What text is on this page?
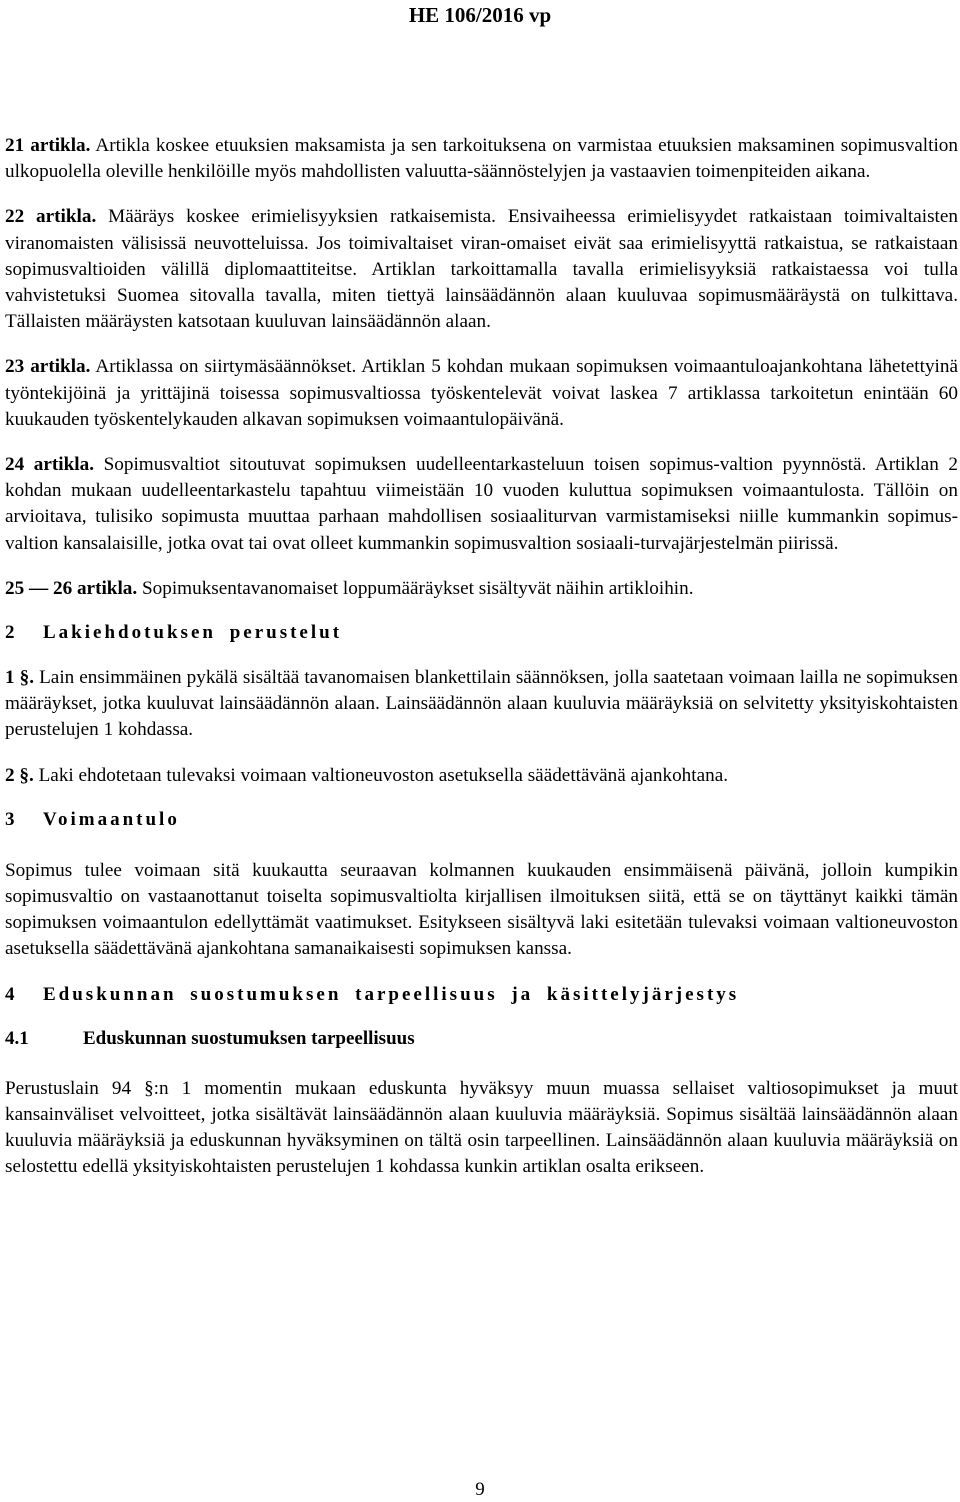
HE 106/2016 vp

21 artikla. Artikla koskee etuuksien maksamista ja sen tarkoituksena on varmistaa etuuksien maksaminen sopimusvaltion ulkopuolella oleville henkilöille myös mahdollisten valuutta-säännöstelyjen ja vastaavien toimenpiteiden aikana.

22 artikla. Määräys koskee erimielisyyksien ratkaisemista. Ensivaiheessa erimielisyydet ratkaistaan toimivaltaisten viranomaisten välisissä neuvotteluissa. Jos toimivaltaiset viran-omaiset eivät saa erimielisyyttä ratkaistua, se ratkaistaan sopimusvaltioiden välillä diplomaattiteitse. Artiklan tarkoittamalla tavalla erimielisyyksiä ratkaistaessa voi tulla vahvistetuksi Suomea sitovalla tavalla, miten tiettyä lainsäädännön alaan kuuluvaa sopimusmääräystä on tulkittava. Tällaisten määräysten katsotaan kuuluvan lainsäädännön alaan.

23 artikla. Artiklassa on siirtymäsäännökset. Artiklan 5 kohdan mukaan sopimuksen voimaantuloajankohtana lähetettyinä työntekijöinä ja yrittäjinä toisessa sopimusvaltiossa työskentelevät voivat laskea 7 artiklassa tarkoitetun enintään 60 kuukauden työskentelykauden alkavan sopimuksen voimaantulopäivänä.

24 artikla. Sopimusvaltiot sitoutuvat sopimuksen uudelleentarkasteluun toisen sopimus-valtion pyynnöstä. Artiklan 2 kohdan mukaan uudelleentarkastelu tapahtuu viimeistään 10 vuoden kuluttua sopimuksen voimaantulosta. Tällöin on arvioitava, tulisiko sopimusta muuttaa parhaan mahdollisen sosiaaliturvan varmistamiseksi niille kummankin sopimus-valtion kansalaisille, jotka ovat tai ovat olleet kummankin sopimusvaltion sosiaali-turvajärjestelmän piirissä.

25 — 26 artikla. Sopimuksentavanomaiset loppumääräykset sisältyvät näihin artikloihin.

2 Lakiehdotuksen perustelut

1 §. Lain ensimmäinen pykälä sisältää tavanomaisen blankettilain säännöksen, jolla saatetaan voimaan lailla ne sopimuksen määräykset, jotka kuuluvat lainsäädännön alaan. Lainsäädännön alaan kuuluvia määräyksiä on selvitetty yksityiskohtaisten perustelujen 1 kohdassa.

2 §. Laki ehdotetaan tulevaksi voimaan valtioneuvoston asetuksella säädettävänä ajankohtana.

3 Voimaantulo

Sopimus tulee voimaan sitä kuukautta seuraavan kolmannen kuukauden ensimmäisenä päivänä, jolloin kumpikin sopimusvaltio on vastaanottanut toiselta sopimusvaltiolta kirjallisen ilmoituksen siitä, että se on täyttänyt kaikki tämän sopimuksen voimaantulon edellyttämät vaatimukset. Esitykseen sisältyvä laki esitetään tulevaksi voimaan valtioneuvoston asetuksella säädettävänä ajankohtana samanaikaisesti sopimuksen kanssa.

4 Eduskunnan suostumuksen tarpeellisuus ja käsittelyjärjestys
4.1	Eduskunnan suostumuksen tarpeellisuus

Perustuslain 94 §:n 1 momentin mukaan eduskunta hyväksyy muun muassa sellaiset valtiosopimukset ja muut kansainväliset velvoitteet, jotka sisältävät lainsäädännön alaan kuuluvia määräyksiä. Sopimus sisältää lainsäädännön alaan kuuluvia määräyksiä ja eduskunnan hyväksyminen on tältä osin tarpeellinen. Lainsäädännön alaan kuuluvia määräyksiä on selostettu edellä yksityiskohtaisten perustelujen 1 kohdassa kunkin artiklan osalta erikseen.

9
